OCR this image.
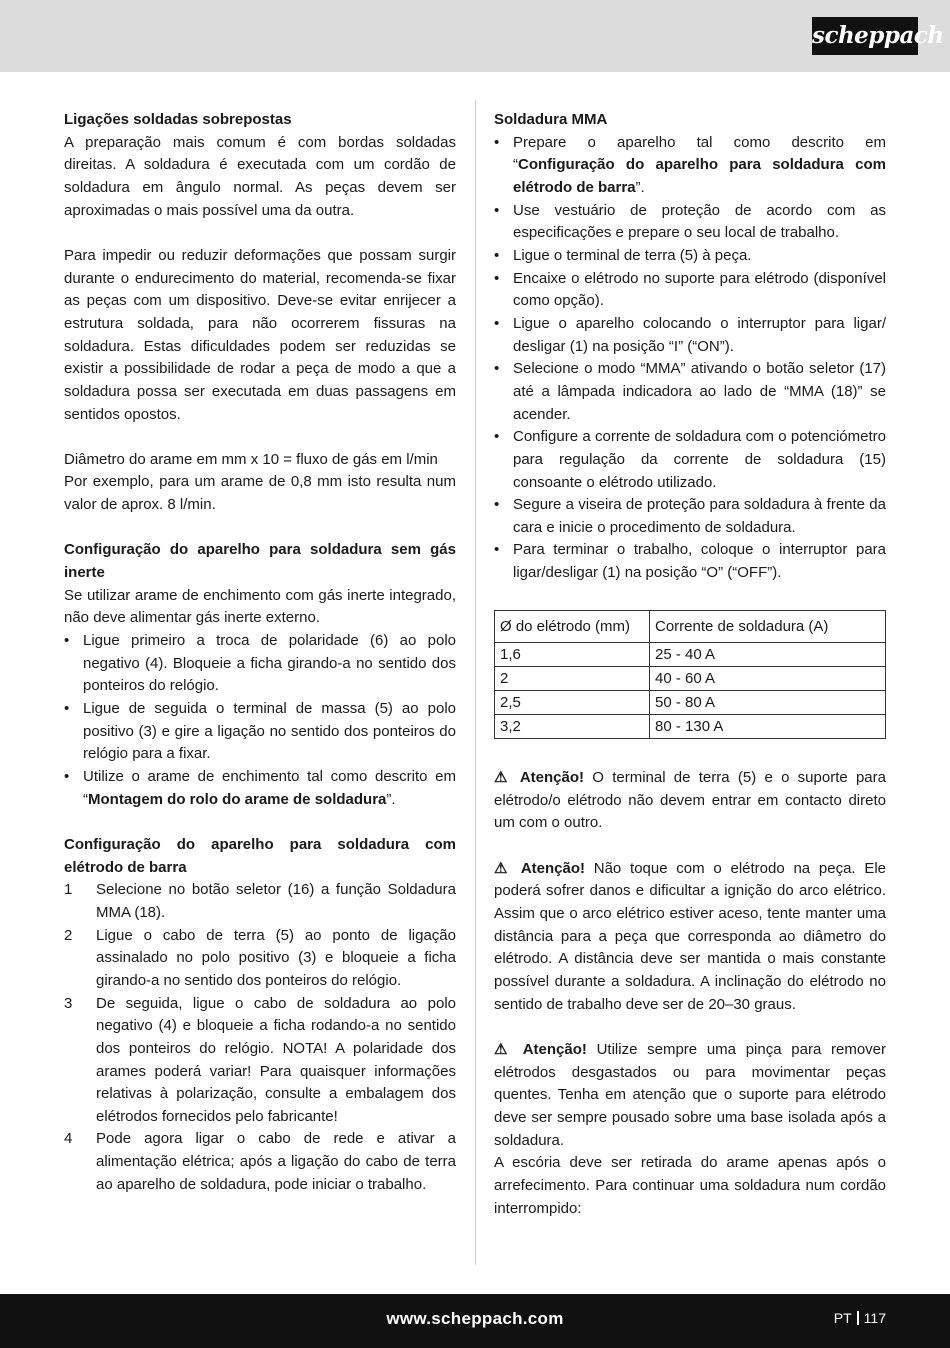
scheppach

Ligações soldadas sobrepostas

A preparação mais comum é com bordas soldadas direitas. A soldadura é executada com um cordão de soldadura em ângulo normal. As peças devem ser aproximadas o mais possível uma da outra.

Para impedir ou reduzir deformações que possam surgir durante o endurecimento do material, recomenda-se fixar as peças com um dispositivo. Deve-se evitar enrijecer a estrutura soldada, para não ocorrerem fissuras na soldadura. Estas dificuldades podem ser reduzidas se existir a possibilidade de rodar a peça de modo a que a soldadura possa ser executada em duas passagens em sentidos opostos.

Diâmetro do arame em mm x 10 = fluxo de gás em l/min

Por exemplo, para um arame de 0,8 mm isto resulta num valor de aprox. 8 l/min.

Configuração do aparelho para soldadura sem gás inerte

Se utilizar arame de enchimento com gás inerte integrado, não deve alimentar gás inerte externo.

• Ligue primeiro a troca de polaridade (6) ao polo negativo (4). Bloqueie a ficha girando-a no sentido dos ponteiros do relógio.
• Ligue de seguida o terminal de massa (5) ao polo positivo (3) e gire a ligação no sentido dos ponteiros do relógio para a fixar.
• Utilize o arame de enchimento tal como descrito em “Montagem do rolo do arame de soldadura”.

Configuração do aparelho para soldadura com elétrodo de barra

1 Selecione no botão seletor (16) a função Soldadura MMA (18).
2 Ligue o cabo de terra (5) ao ponto de ligação assinalado no polo positivo (3) e bloqueie a ficha girando-a no sentido dos ponteiros do relógio.
3 De seguida, ligue o cabo de soldadura ao polo negativo (4) e bloqueie a ficha rodando-a no sentido dos ponteiros do relógio. NOTA! A polaridade dos arames poderá variar! Para quaisquer informações relativas à polarização, consulte a embalagem dos elétrodos fornecidos pelo fabricante!
4 Pode agora ligar o cabo de rede e ativar a alimentação elétrica; após a ligação do cabo de terra ao aparelho de soldadura, pode iniciar o trabalho.

Soldadura MMA

• Prepare o aparelho tal como descrito em “Configuração do aparelho para soldadura com elétrodo de barra”.
• Use vestuário de proteção de acordo com as especificações e prepare o seu local de trabalho.
• Ligue o terminal de terra (5) à peça.
• Encaixe o elétrodo no suporte para elétrodo (disponível como opção).
• Ligue o aparelho colocando o interruptor para ligar/ desligar (1) na posição “I” (“ON”).
• Selecione o modo “MMA” ativando o botão seletor (17) até a lâmpada indicadora ao lado de “MMA (18)” se acender.
• Configure a corrente de soldadura com o potenciómetro para regulação da corrente de soldadura (15) consoante o elétrodo utilizado.
• Segure a viseira de proteção para soldadura à frente da cara e inicie o procedimento de soldadura.
• Para terminar o trabalho, coloque o interruptor para ligar/desligar (1) na posição “O” (“OFF”).
Ø do elétrodo (mm)	Corrente de soldadura (A)
1,6	25 - 40 A
2	40 - 60 A
2,5	50 - 80 A
3,2	80 - 130 A

⚠ Atenção! O terminal de terra (5) e o suporte para elétrodo/o elétrodo não devem entrar em contacto direto um com o outro.

⚠ Atenção! Não toque com o elétrodo na peça. Ele poderá sofrer danos e dificultar a ignição do arco elétrico. Assim que o arco elétrico estiver aceso, tente manter uma distância para a peça que corresponda ao diâmetro do elétrodo. A distância deve ser mantida o mais constante possível durante a soldadura. A inclinação do elétrodo no sentido de trabalho deve ser de 20–30 graus.

⚠ Atenção! Utilize sempre uma pinça para remover elétrodos desgastados ou para movimentar peças quentes. Tenha em atenção que o suporte para elétrodo deve ser sempre pousado sobre uma base isolada após a soldadura.

A escória deve ser retirada do arame apenas após o arrefecimento. Para continuar uma soldadura num cordão interrompido:

www.scheppach.com	PT 117
